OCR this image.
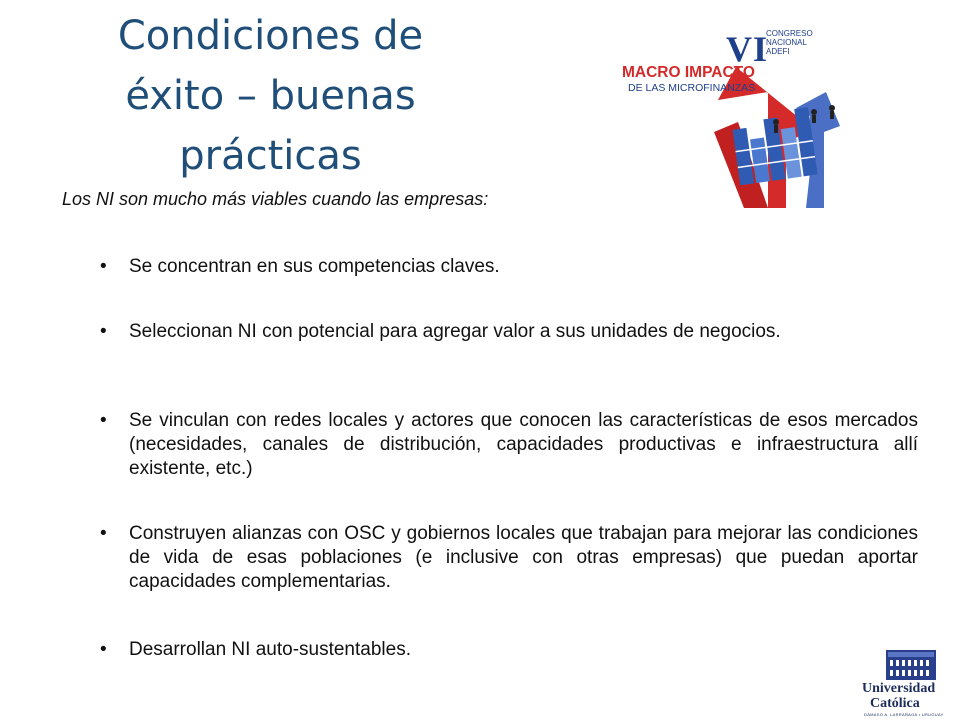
Condiciones de
éxito – buenas
prácticas
VI
CONGRESO
NACIONAL
ADEFI
MACRO IMPACTO
DE LAS MICROFINANZAS

Los NI son mucho más viables cuando las empresas:

•	Se concentran en sus competencias claves.
•	Seleccionan NI con potencial para agregar valor a sus unidades de negocios.
•	Se vinculan con redes locales y actores que conocen las características de esos mercados (necesidades, canales de distribución, capacidades productivas e infraestructura allí existente, etc.)
•	Construyen alianzas con OSC y gobiernos locales que trabajan para mejorar las condiciones de vida de esas poblaciones (e inclusive con otras empresas) que puedan aportar capacidades complementarias.
•	Desarrollan NI auto-sustentables.
Universidad
Católica
DÁMASO A. LARRAÑAGA • URUGUAY
